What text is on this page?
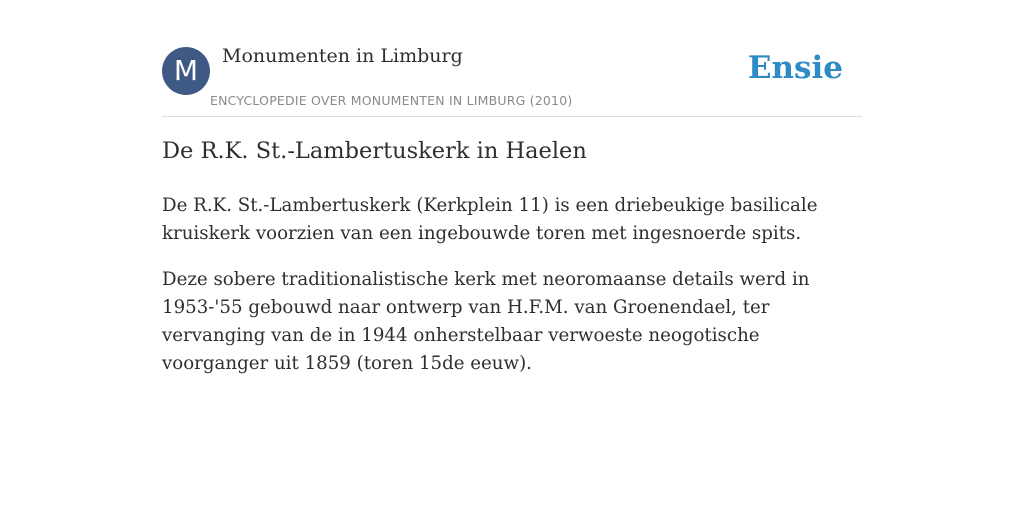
M	Monumenten in Limburg
ENCYCLOPEDIE OVER MONUMENTEN IN LIMBURG (2010)
Ensie
De R.K. St.-Lambertuskerk in Haelen

De R.K. St.-Lambertuskerk (Kerkplein 11) is een driebeukige basilicale kruiskerk voorzien van een ingebouwde toren met ingesnoerde spits.

Deze sobere traditionalistische kerk met neoromaanse details werd in 1953-'55 gebouwd naar ontwerp van H.F.M. van Groenendael, ter vervanging van de in 1944 onherstelbaar verwoeste neogotische voorganger uit 1859 (toren 15de eeuw).
